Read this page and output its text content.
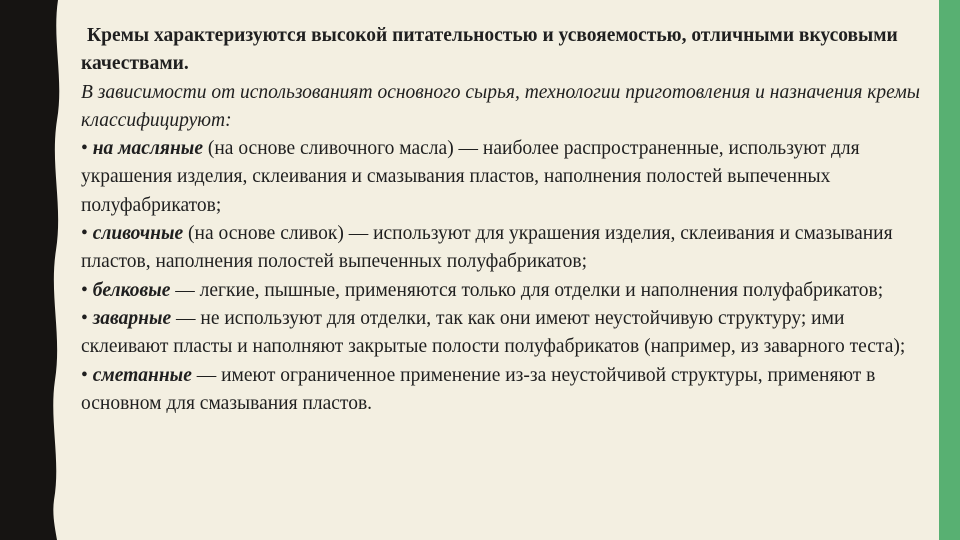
Кремы характеризуются высокой питательностью и усвояемостью, отличными вкусовыми качествами.

В зависимости от использованият основного сырья, технологии приготовления и назначения кремы классифицируют:

• на масляные (на основе сливочного масла) — наиболее распространенные, используют для украшения изделия, склеивания и смазывания пластов, наполнения полостей выпеченных полуфабрикатов;

• сливочные (на основе сливок) — используют для украшения изделия, склеивания и смазывания пластов, наполнения полостей выпеченных полуфабрикатов;

• белковые — легкие, пышные, применяются только для отделки и наполнения полуфабрикатов;

• заварные — не используют для отделки, так как они имеют неустойчивую структуру; ими склеивают пласты и наполняют закрытые полости полуфабрикатов (например, из заварного теста);

• сметанные — имеют ограниченное применение из-за неустойчивой структуры, применяют в основном для смазывания пластов.
